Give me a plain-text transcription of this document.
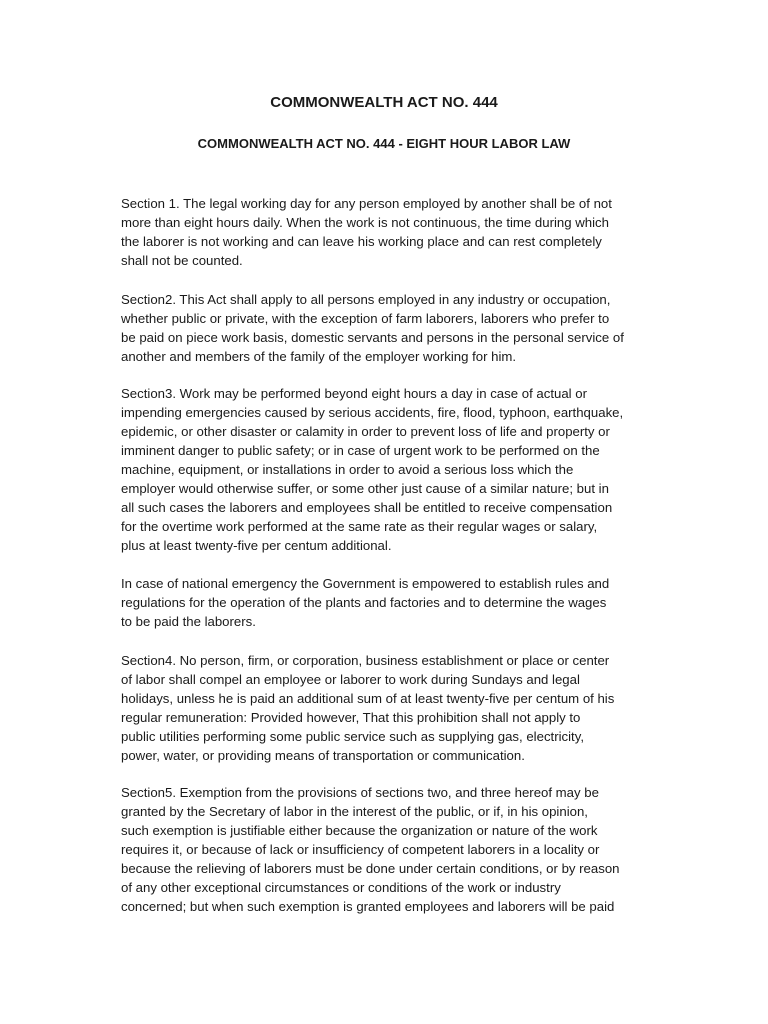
COMMONWEALTH ACT NO. 444
COMMONWEALTH ACT NO. 444 - EIGHT HOUR LABOR LAW

Section 1. The legal working day for any person employed by another shall be of not
more than eight hours daily. When the work is not continuous, the time during which
the laborer is not working and can leave his working place and can rest completely
shall not be counted.

Section2. This Act shall apply to all persons employed in any industry or occupation,
whether public or private, with the exception of farm laborers, laborers who prefer to
be paid on piece work basis, domestic servants and persons in the personal service of
another and members of the family of the employer working for him.

Section3. Work may be performed beyond eight hours a day in case of actual or
impending emergencies caused by serious accidents, fire, flood, typhoon, earthquake,
epidemic, or other disaster or calamity in order to prevent loss of life and property or
imminent danger to public safety; or in case of urgent work to be performed on the
machine, equipment, or installations in order to avoid a serious loss which the
employer would otherwise suffer, or some other just cause of a similar nature; but in
all such cases the laborers and employees shall be entitled to receive compensation
for the overtime work performed at the same rate as their regular wages or salary,
plus at least twenty-five per centum additional.

In case of national emergency the Government is empowered to establish rules and
regulations for the operation of the plants and factories and to determine the wages
to be paid the laborers.

Section4. No person, firm, or corporation, business establishment or place or center
of labor shall compel an employee or laborer to work during Sundays and legal
holidays, unless he is paid an additional sum of at least twenty-five per centum of his
regular remuneration: Provided however, That this prohibition shall not apply to
public utilities performing some public service such as supplying gas, electricity,
power, water, or providing means of transportation or communication.

Section5. Exemption from the provisions of sections two, and three hereof may be
granted by the Secretary of labor in the interest of the public, or if, in his opinion,
such exemption is justifiable either because the organization or nature of the work
requires it, or because of lack or insufficiency of competent laborers in a locality or
because the relieving of laborers must be done under certain conditions, or by reason
of any other exceptional circumstances or conditions of the work or industry
concerned; but when such exemption is granted employees and laborers will be paid
